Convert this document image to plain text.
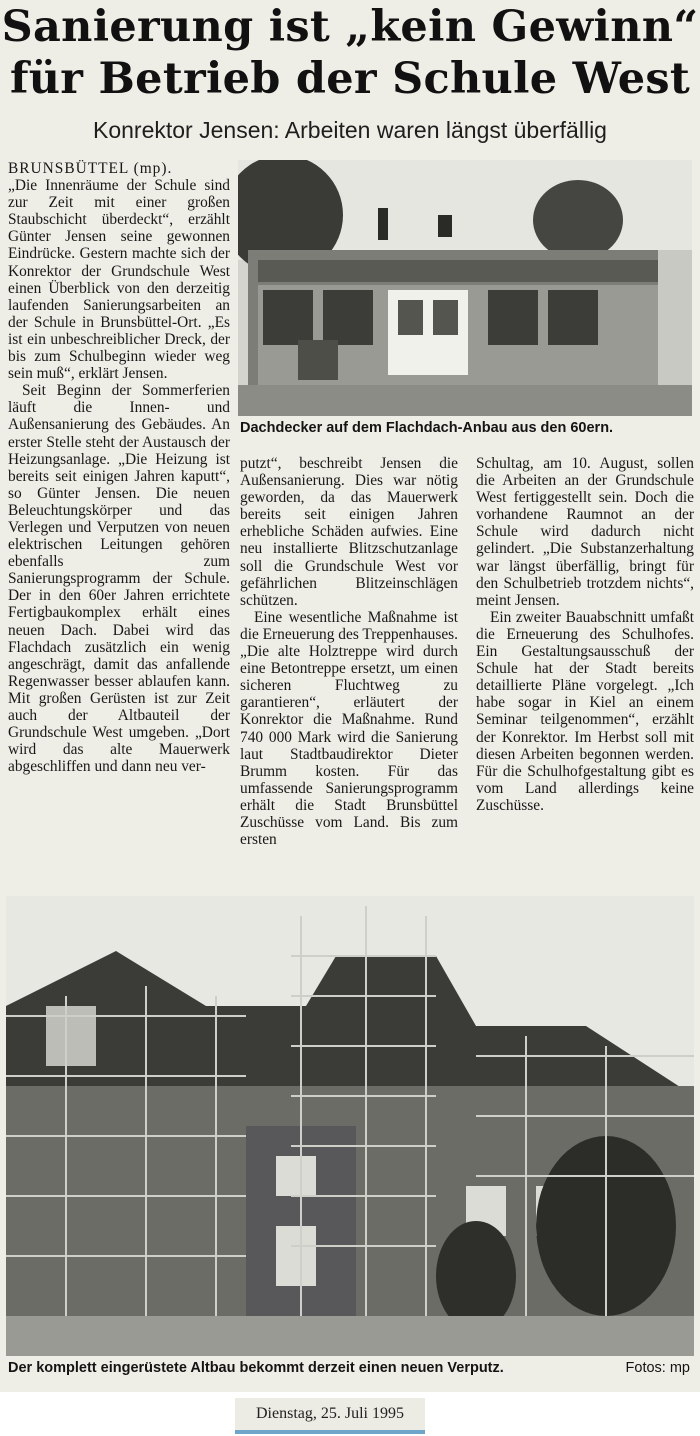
Sanierung ist „kein Gewinn“
für Betrieb der Schule West
Konrektor Jensen: Arbeiten waren längst überfällig

BRUNSBÜTTEL (mp).

„Die Innenräume der Schule sind zur Zeit mit einer großen Staubschicht überdeckt“, erzählt Günter Jensen seine gewonnen Eindrücke. Gestern machte sich der Konrektor der Grundschule West einen Überblick von den derzeitig laufenden Sanierungsarbeiten an der Schule in Brunsbüttel-Ort. „Es ist ein unbeschreiblicher Dreck, der bis zum Schulbeginn wieder weg sein muß“, erklärt Jensen.

Seit Beginn der Sommerferien läuft die Innen- und Außensanierung des Gebäudes. An erster Stelle steht der Austausch der Heizungsanlage. „Die Heizung ist bereits seit einigen Jahren kaputt“, so Günter Jensen. Die neuen Beleuchtungskörper und das Verlegen und Verputzen von neuen elektrischen Leitungen gehören ebenfalls zum Sanierungsprogramm der Schule. Der in den 60er Jahren errichtete Fertigbaukomplex erhält eines neuen Dach. Dabei wird das Flachdach zusätzlich ein wenig angeschrägt, damit das anfallende Regenwasser besser ablaufen kann. Mit großen Gerüsten ist zur Zeit auch der Altbauteil der Grundschule West umgeben. „Dort wird das alte Mauerwerk abgeschliffen und dann neu ver-

Dachdecker auf dem Flachdach-Anbau aus den 60ern.

putzt“, beschreibt Jensen die Außensanierung. Dies war nötig geworden, da das Mauerwerk bereits seit einigen Jahren erhebliche Schäden aufwies. Eine neu installierte Blitzschutzanlage soll die Grundschule West vor gefährlichen Blitzeinschlägen schützen.

Eine wesentliche Maßnahme ist die Erneuerung des Treppenhauses. „Die alte Holztreppe wird durch eine Betontreppe ersetzt, um einen sicheren Fluchtweg zu garantieren“, erläutert der Konrektor die Maßnahme. Rund 740 000 Mark wird die Sanierung laut Stadtbaudirektor Dieter Brumm kosten. Für das umfassende Sanierungsprogramm erhält die Stadt Brunsbüttel Zuschüsse vom Land. Bis zum ersten

Schultag, am 10. August, sollen die Arbeiten an der Grundschule West fertiggestellt sein. Doch die vorhandene Raumnot an der Schule wird dadurch nicht gelindert. „Die Substanzerhaltung war längst überfällig, bringt für den Schulbetrieb trotzdem nichts“, meint Jensen.

Ein zweiter Bauabschnitt umfaßt die Erneuerung des Schulhofes. Ein Gestaltungsausschuß der Schule hat der Stadt bereits detaillierte Pläne vorgelegt. „Ich habe sogar in Kiel an einem Seminar teilgenommen“, erzählt der Konrektor. Im Herbst soll mit diesen Arbeiten begonnen werden. Für die Schulhofgestaltung gibt es vom Land allerdings keine Zuschüsse.

Der komplett eingerüstete Altbau bekommt derzeit einen neuen Verputz.	Fotos: mp
Dienstag, 25. Juli 1995
